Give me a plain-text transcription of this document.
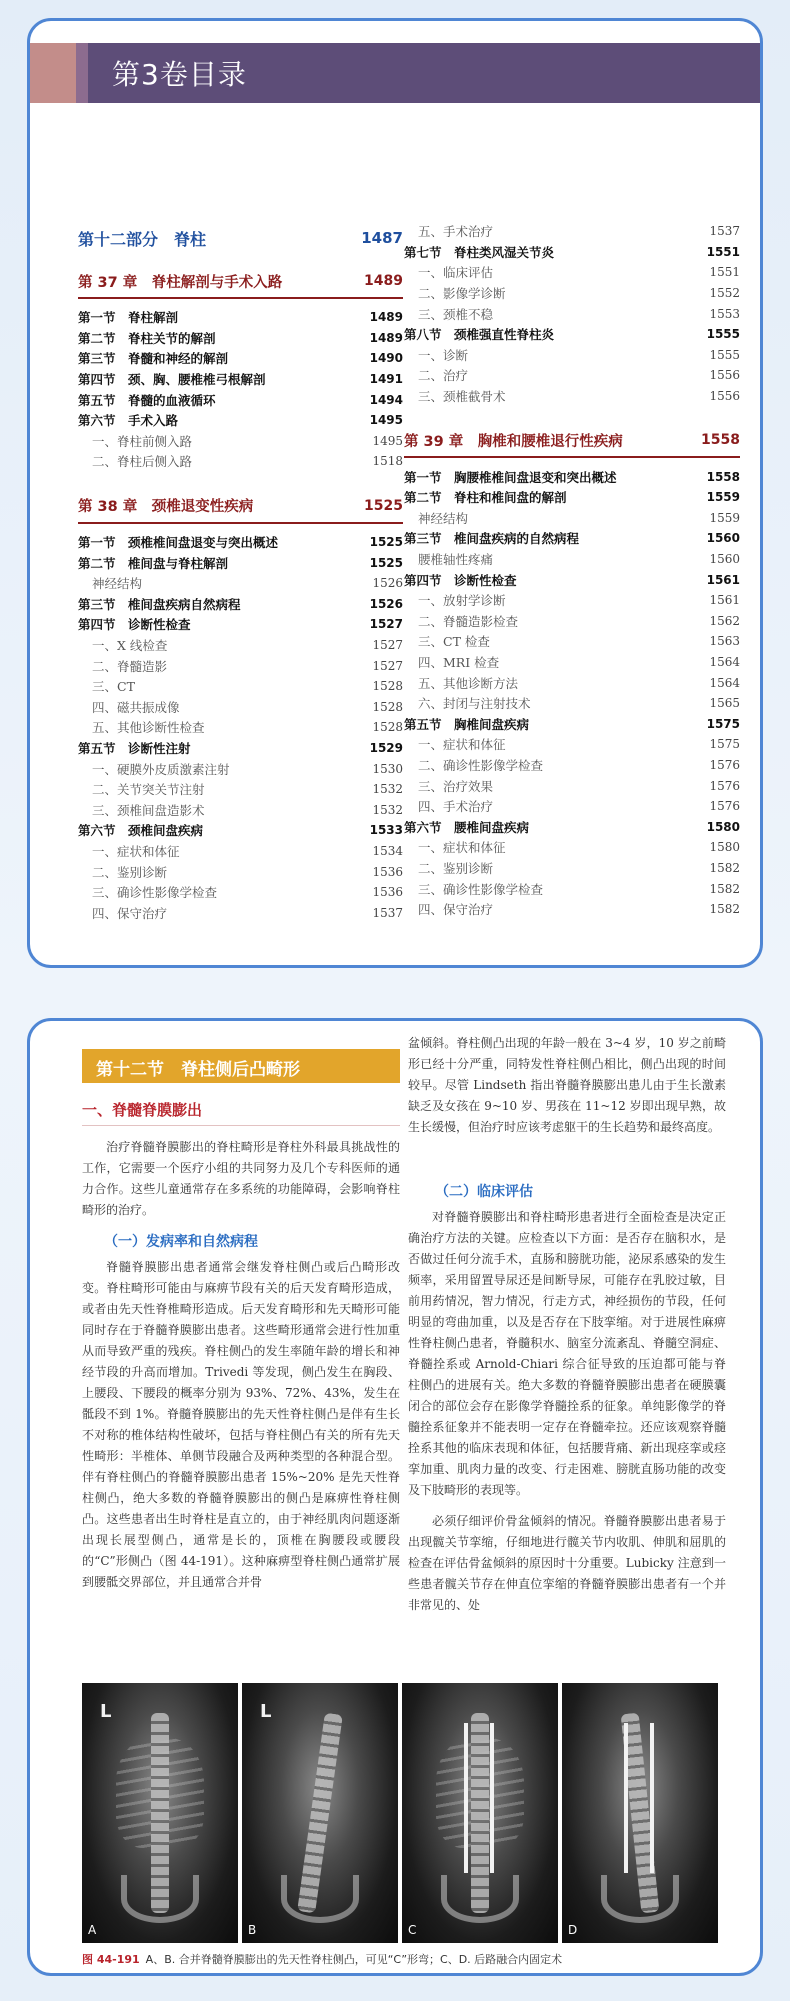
第3卷目录
第十二部分　脊柱	1487
第 37 章　脊柱解剖与手术入路	1489
第一节　脊柱解剖	1489
第二节　脊柱关节的解剖	1489
第三节　脊髓和神经的解剖	1490
第四节　颈、胸、腰椎椎弓根解剖	1491
第五节　脊髓的血液循环	1494
第六节　手术入路	1495
一、脊柱前侧入路	1495
二、脊柱后侧入路	1518
第 38 章　颈椎退变性疾病	1525
第一节　颈椎椎间盘退变与突出概述	1525
第二节　椎间盘与脊柱解剖	1525
神经结构	1526
第三节　椎间盘疾病自然病程	1526
第四节　诊断性检查	1527
一、X 线检查	1527
二、脊髓造影	1527
三、CT	1528
四、磁共振成像	1528
五、其他诊断性检查	1528
第五节　诊断性注射	1529
一、硬膜外皮质激素注射	1530
二、关节突关节注射	1532
三、颈椎间盘造影术	1532
第六节　颈椎间盘疾病	1533
一、症状和体征	1534
二、鉴别诊断	1536
三、确诊性影像学检查	1536
四、保守治疗	1537
五、手术治疗	1537
第七节　脊柱类风湿关节炎	1551
一、临床评估	1551
二、影像学诊断	1552
三、颈椎不稳	1553
第八节　颈椎强直性脊柱炎	1555
一、诊断	1555
二、治疗	1556
三、颈椎截骨术	1556
第 39 章　胸椎和腰椎退行性疾病	1558
第一节　胸腰椎椎间盘退变和突出概述	1558
第二节　脊柱和椎间盘的解剖	1559
神经结构	1559
第三节　椎间盘疾病的自然病程	1560
腰椎轴性疼痛	1560
第四节　诊断性检查	1561
一、放射学诊断	1561
二、脊髓造影检查	1562
三、CT 检查	1563
四、MRI 检查	1564
五、其他诊断方法	1564
六、封闭与注射技术	1565
第五节　胸椎间盘疾病	1575
一、症状和体征	1575
二、确诊性影像学检查	1576
三、治疗效果	1576
四、手术治疗	1576
第六节　腰椎间盘疾病	1580
一、症状和体征	1580
二、鉴别诊断	1582
三、确诊性影像学检查	1582
四、保守治疗	1582
第十二节　脊柱侧后凸畸形
一、脊髓脊膜膨出
治疗脊髓脊膜膨出的脊柱畸形是脊柱外科最具挑战性的工作，它需要一个医疗小组的共同努力及几个专科医师的通力合作。这些儿童通常存在多系统的功能障碍，会影响脊柱畸形的治疗。
（一）发病率和自然病程
脊髓脊膜膨出患者通常会继发脊柱侧凸或后凸畸形改变。脊柱畸形可能由与麻痹节段有关的后天发育畸形造成，或者由先天性脊椎畸形造成。后天发育畸形和先天畸形可能同时存在于脊髓脊膜膨出患者。这些畸形通常会进行性加重从而导致严重的残疾。脊柱侧凸的发生率随年龄的增长和神经节段的升高而增加。Trivedi 等发现，侧凸发生在胸段、上腰段、下腰段的概率分别为 93%、72%、43%，发生在骶段不到 1%。脊髓脊膜膨出的先天性脊柱侧凸是伴有生长不对称的椎体结构性破坏，包括与脊柱侧凸有关的所有先天性畸形：半椎体、单侧节段融合及两种类型的各种混合型。伴有脊柱侧凸的脊髓脊膜膨出患者 15%~20% 是先天性脊柱侧凸，绝大多数的脊髓脊膜膨出的侧凸是麻痹性脊柱侧凸。这些患者出生时脊柱是直立的，由于神经肌肉问题逐渐出现长展型侧凸，通常是长的，顶椎在胸腰段或腰段的“C”形侧凸（图 44-191）。这种麻痹型脊柱侧凸通常扩展到腰骶交界部位，并且通常合并骨
盆倾斜。脊柱侧凸出现的年龄一般在 3~4 岁，10 岁之前畸形已经十分严重，同特发性脊柱侧凸相比，侧凸出现的时间较早。尽管 Lindseth 指出脊髓脊膜膨出患儿由于生长激素缺乏及女孩在 9~10 岁、男孩在 11~12 岁即出现早熟，故生长缓慢，但治疗时应该考虑躯干的生长趋势和最终高度。
（二）临床评估
对脊髓脊膜膨出和脊柱畸形患者进行全面检查是决定正确治疗方法的关键。应检查以下方面：是否存在脑积水，是否做过任何分流手术，直肠和膀胱功能，泌尿系感染的发生频率，采用留置导尿还是间断导尿，可能存在乳胶过敏，目前用药情况，智力情况，行走方式，神经损伤的节段，任何明显的弯曲加重，以及是否存在下肢挛缩。对于进展性麻痹性脊柱侧凸患者，脊髓积水、脑室分流紊乱、脊髓空洞症、脊髓拴系或 Arnold-Chiari 综合征导致的压迫都可能与脊柱侧凸的进展有关。绝大多数的脊髓脊膜膨出患者在硬膜囊闭合的部位会存在影像学脊髓拴系的征象。单纯影像学的脊髓拴系征象并不能表明一定存在脊髓牵拉。还应该观察脊髓拴系其他的临床表现和体征，包括腰背痛、新出现痉挛或痉挛加重、肌肉力量的改变、行走困难、膀胱直肠功能的改变及下肢畸形的表现等。
必须仔细评价骨盆倾斜的情况。脊髓脊膜膨出患者易于出现髋关节挛缩，仔细地进行髋关节内收肌、伸肌和屈肌的检查在评估骨盆倾斜的原因时十分重要。Lubicky 注意到一些患者髋关节存在伸直位挛缩的脊髓脊膜膨出患者有一个并非常见的、处
L
A
L
B	C	D
图 44-191 A、B. 合并脊髓脊膜膨出的先天性脊柱侧凸，可见“C”形弯；C、D. 后路融合内固定术
